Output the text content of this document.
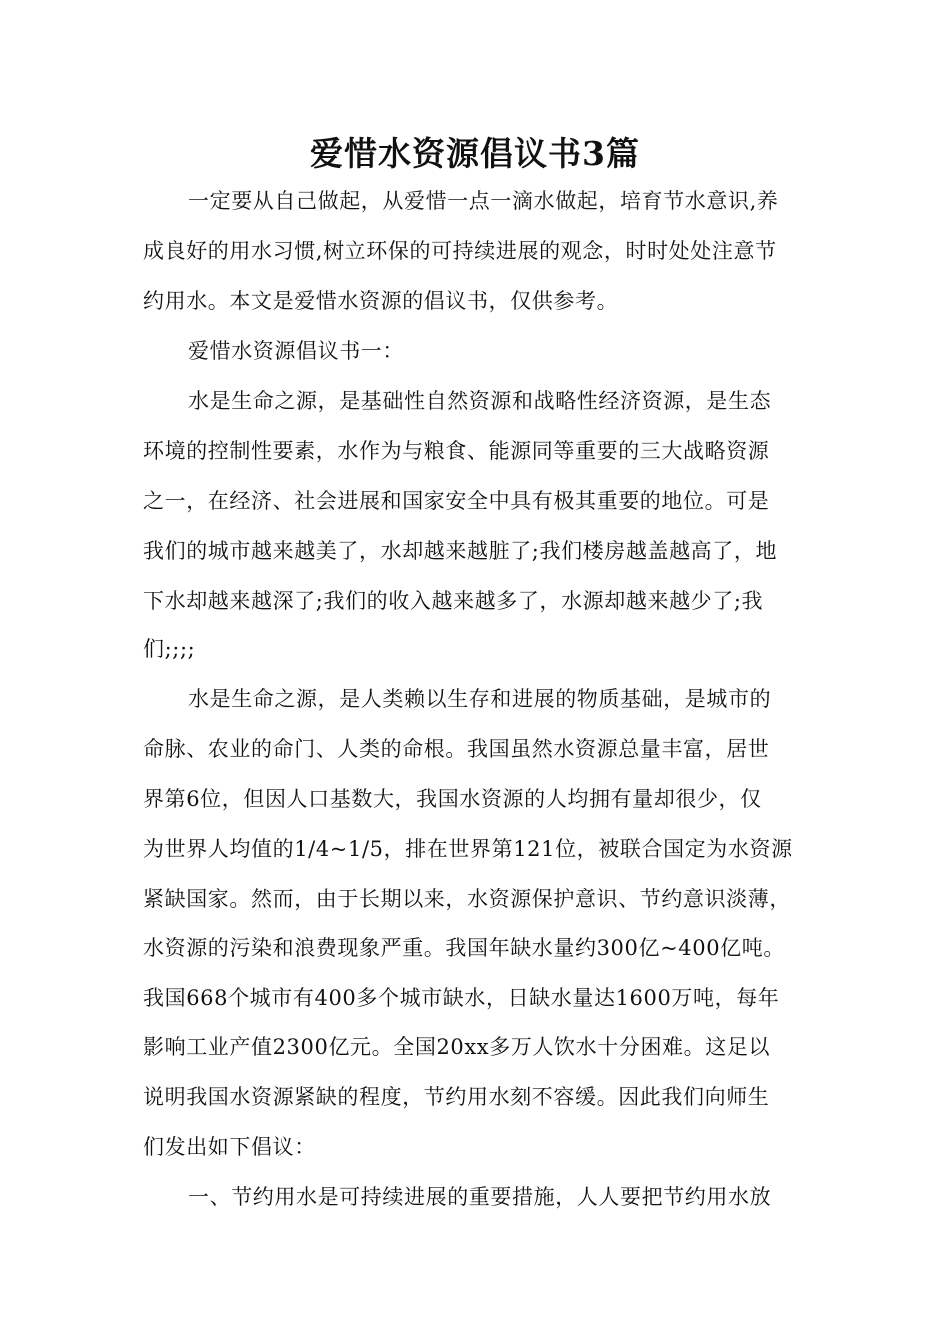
爱惜水资源倡议书3篇
一定要从自己做起，从爱惜一点一滴水做起，培育节水意识,养
成良好的用水习惯,树立环保的可持续进展的观念，时时处处注意节
约用水。本文是爱惜水资源的倡议书，仅供参考。
爱惜水资源倡议书一：
水是生命之源，是基础性自然资源和战略性经济资源，是生态
环境的控制性要素，水作为与粮食、能源同等重要的三大战略资源
之一，在经济、社会进展和国家安全中具有极其重要的地位。可是
我们的城市越来越美了，水却越来越脏了;我们楼房越盖越高了，地
下水却越来越深了;我们的收入越来越多了，水源却越来越少了;我
们;;;;
水是生命之源，是人类赖以生存和进展的物质基础，是城市的
命脉、农业的命门、人类的命根。我国虽然水资源总量丰富，居世
界第6位，但因人口基数大，我国水资源的人均拥有量却很少，仅
为世界人均值的1/4~1/5，排在世界第121位，被联合国定为水资源
紧缺国家。然而，由于长期以来，水资源保护意识、节约意识淡薄，
水资源的污染和浪费现象严重。我国年缺水量约300亿~400亿吨。
我国668个城市有400多个城市缺水，日缺水量达1600万吨，每年
影响工业产值2300亿元。全国20xx多万人饮水十分困难。这足以
说明我国水资源紧缺的程度，节约用水刻不容缓。因此我们向师生
们发出如下倡议：
一、节约用水是可持续进展的重要措施，人人要把节约用水放
